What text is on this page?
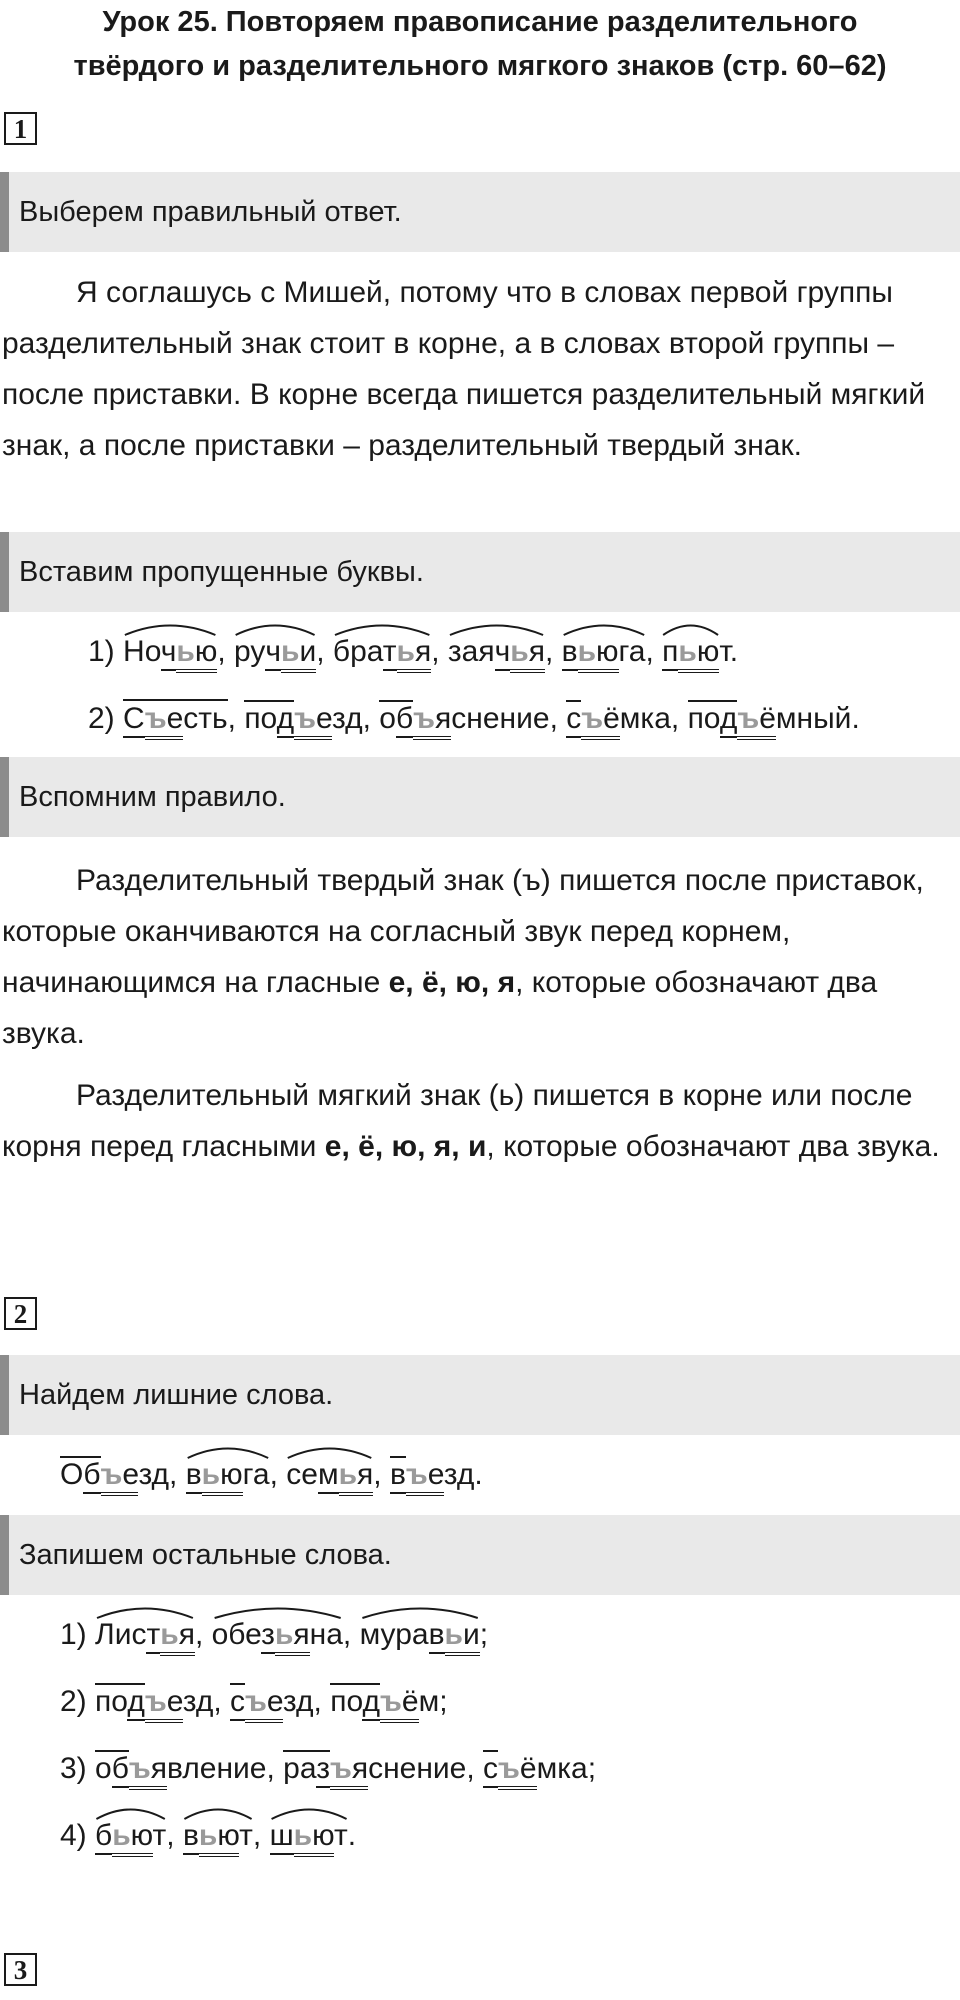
Урок 25. Повторяем правописание разделительного
твёрдого и разделительного мягкого знаков (стр. 60–62)
1
Выберем правильный ответ.
Я соглашусь с Мишей, потому что в словах первой группы разделительный знак стоит в корне, а в словах второй группы – после приставки. В корне всегда пишется разделительный мягкий знак, а после приставки – разделительный твердый знак.
Вставим пропущенные буквы.
1) Ночью,
ручьи,
братья,
заячья,
вьюга,
пьют.
2) Съесть, подъезд, объяснение, съёмка, подъёмный.
Вспомним правило.
Разделительный твердый знак (ъ) пишется после приставок, которые оканчиваются на согласный звук перед корнем, начинающимся на гласные е, ё, ю, я, которые обозначают два звука.
Разделительный мягкий знак (ь) пишется в корне или после корня перед гласными е, ё, ю, я, и, которые обозначают два звука.
2
Найдем лишние слова.
Объезд,
вьюга,
семья, въезд.
Запишем остальные слова.
1) Листья,
обезьяна,
муравьи;
2) подъезд, съезд, подъём;
3) объявление, разъяснение, съёмка;
4) бьют,
вьют,
шьют.
3
